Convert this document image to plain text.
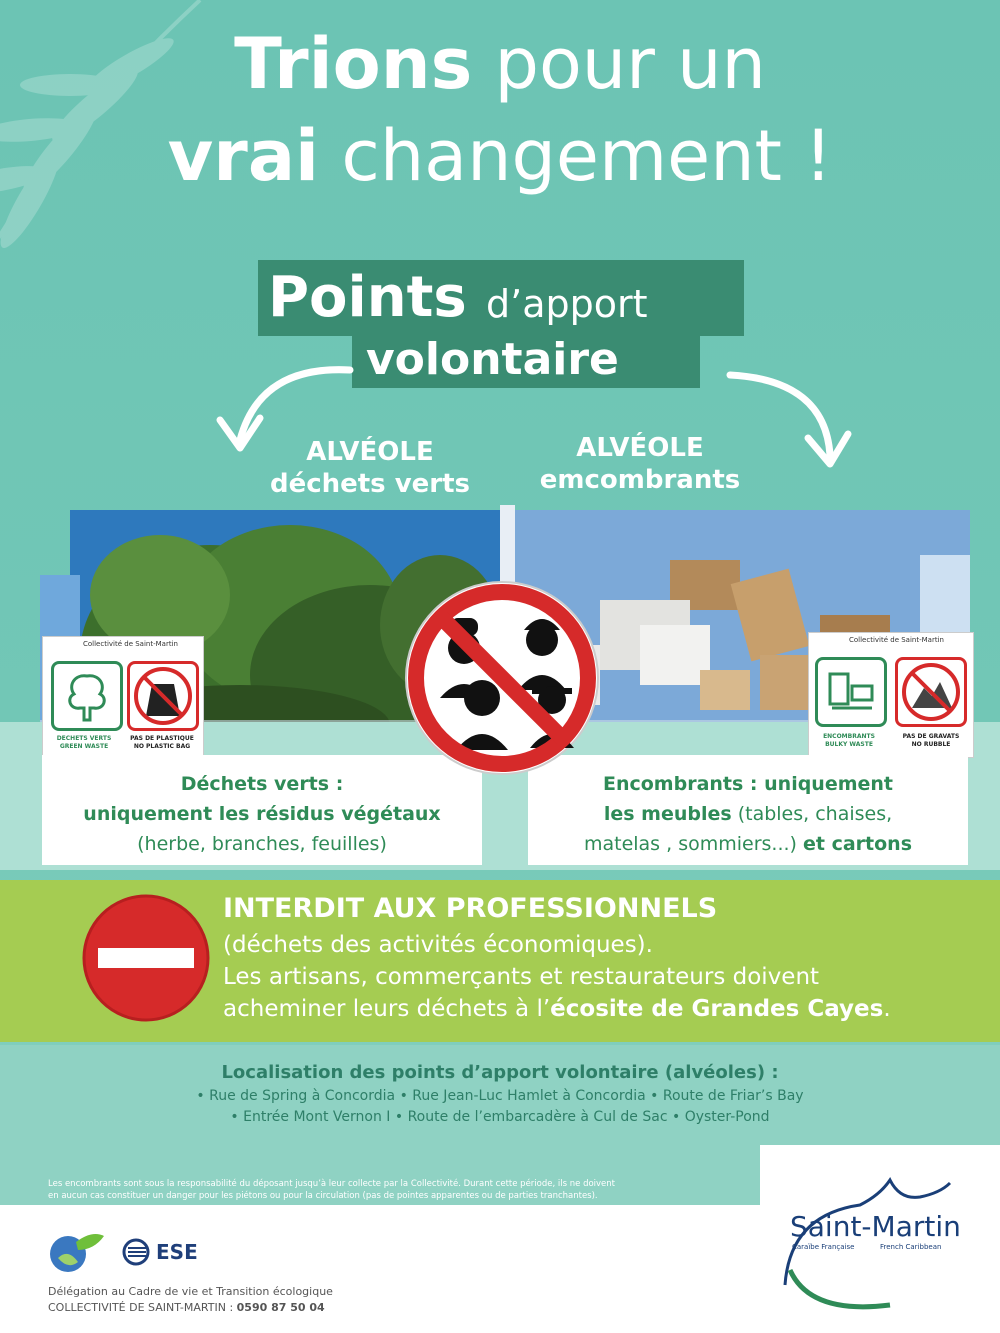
Trions pour un
vrai changement !
Points d’apport
volontaire
ALVÉOLE
déchets verts
ALVÉOLE
emcombrants
Collectivité de Saint-Martin
DECHETS VERTS
GREEN WASTE
PAS DE PLASTIQUE
NO PLASTIC BAG
Collectivité de Saint-Martin
ENCOMBRANTS
BULKY WASTE
PAS DE GRAVATS
NO RUBBLE
Déchets verts :
uniquement les résidus végétaux
(herbe, branches, feuilles)
Encombrants : uniquement
les meubles (tables, chaises,
matelas , sommiers...) et cartons
INTERDIT AUX PROFESSIONNELS
(déchets des activités économiques).
Les artisans, commerçants et restaurateurs doivent
acheminer leurs déchets à l’écosite de Grandes Cayes.
Localisation des points d’apport volontaire (alvéoles) :
• Rue de Spring à Concordia • Rue Jean-Luc Hamlet à Concordia • Route de Friar’s Bay
• Entrée Mont Vernon I • Route de l’embarcadère à Cul de Sac • Oyster-Pond
Les encombrants sont sous la responsabilité du déposant jusqu’à leur collecte par la Collectivité. Durant cette période, ils ne doivent
en aucun cas constituer un danger pour les piétons ou pour la circulation (pas de pointes apparentes ou de parties tranchantes).
ESE
Délégation au Cadre de vie et Transition écologique
COLLECTIVITÉ DE SAINT-MARTIN : 0590 87 50 04
Saint-Martin
Caraïbe Française	French Caribbean
